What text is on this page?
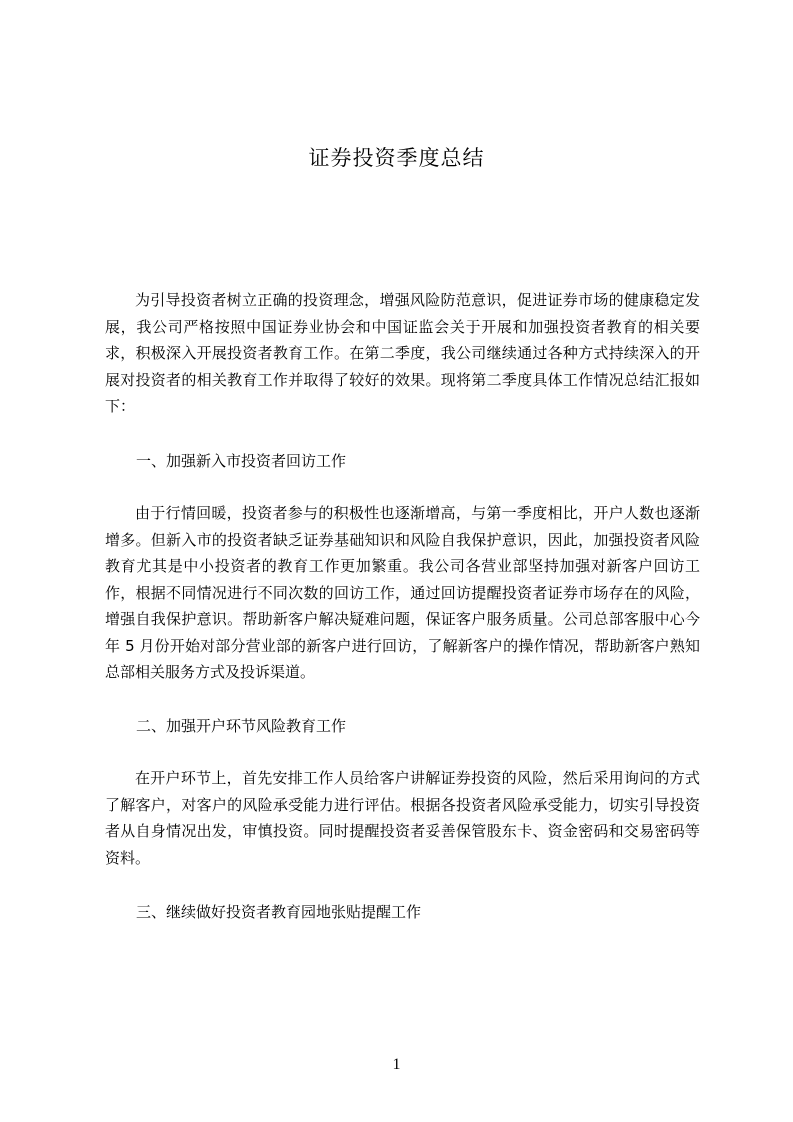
证券投资季度总结

为引导投资者树立正确的投资理念，增强风险防范意识，促进证券市场的健康稳定发展，我公司严格按照中国证券业协会和中国证监会关于开展和加强投资者教育的相关要求，积极深入开展投资者教育工作。在第二季度，我公司继续通过各种方式持续深入的开展对投资者的相关教育工作并取得了较好的效果。现将第二季度具体工作情况总结汇报如下：

一、加强新入市投资者回访工作

由于行情回暖，投资者参与的积极性也逐渐增高，与第一季度相比，开户人数也逐渐增多。但新入市的投资者缺乏证券基础知识和风险自我保护意识，因此，加强投资者风险教育尤其是中小投资者的教育工作更加繁重。我公司各营业部坚持加强对新客户回访工作，根据不同情况进行不同次数的回访工作，通过回访提醒投资者证券市场存在的风险，增强自我保护意识。帮助新客户解决疑难问题，保证客户服务质量。公司总部客服中心今年 5 月份开始对部分营业部的新客户进行回访，了解新客户的操作情况，帮助新客户熟知总部相关服务方式及投诉渠道。

二、加强开户环节风险教育工作

在开户环节上，首先安排工作人员给客户讲解证券投资的风险，然后采用询问的方式了解客户，对客户的风险承受能力进行评估。根据各投资者风险承受能力，切实引导投资者从自身情况出发，审慎投资。同时提醒投资者妥善保管股东卡、资金密码和交易密码等资料。

三、继续做好投资者教育园地张贴提醒工作
1
